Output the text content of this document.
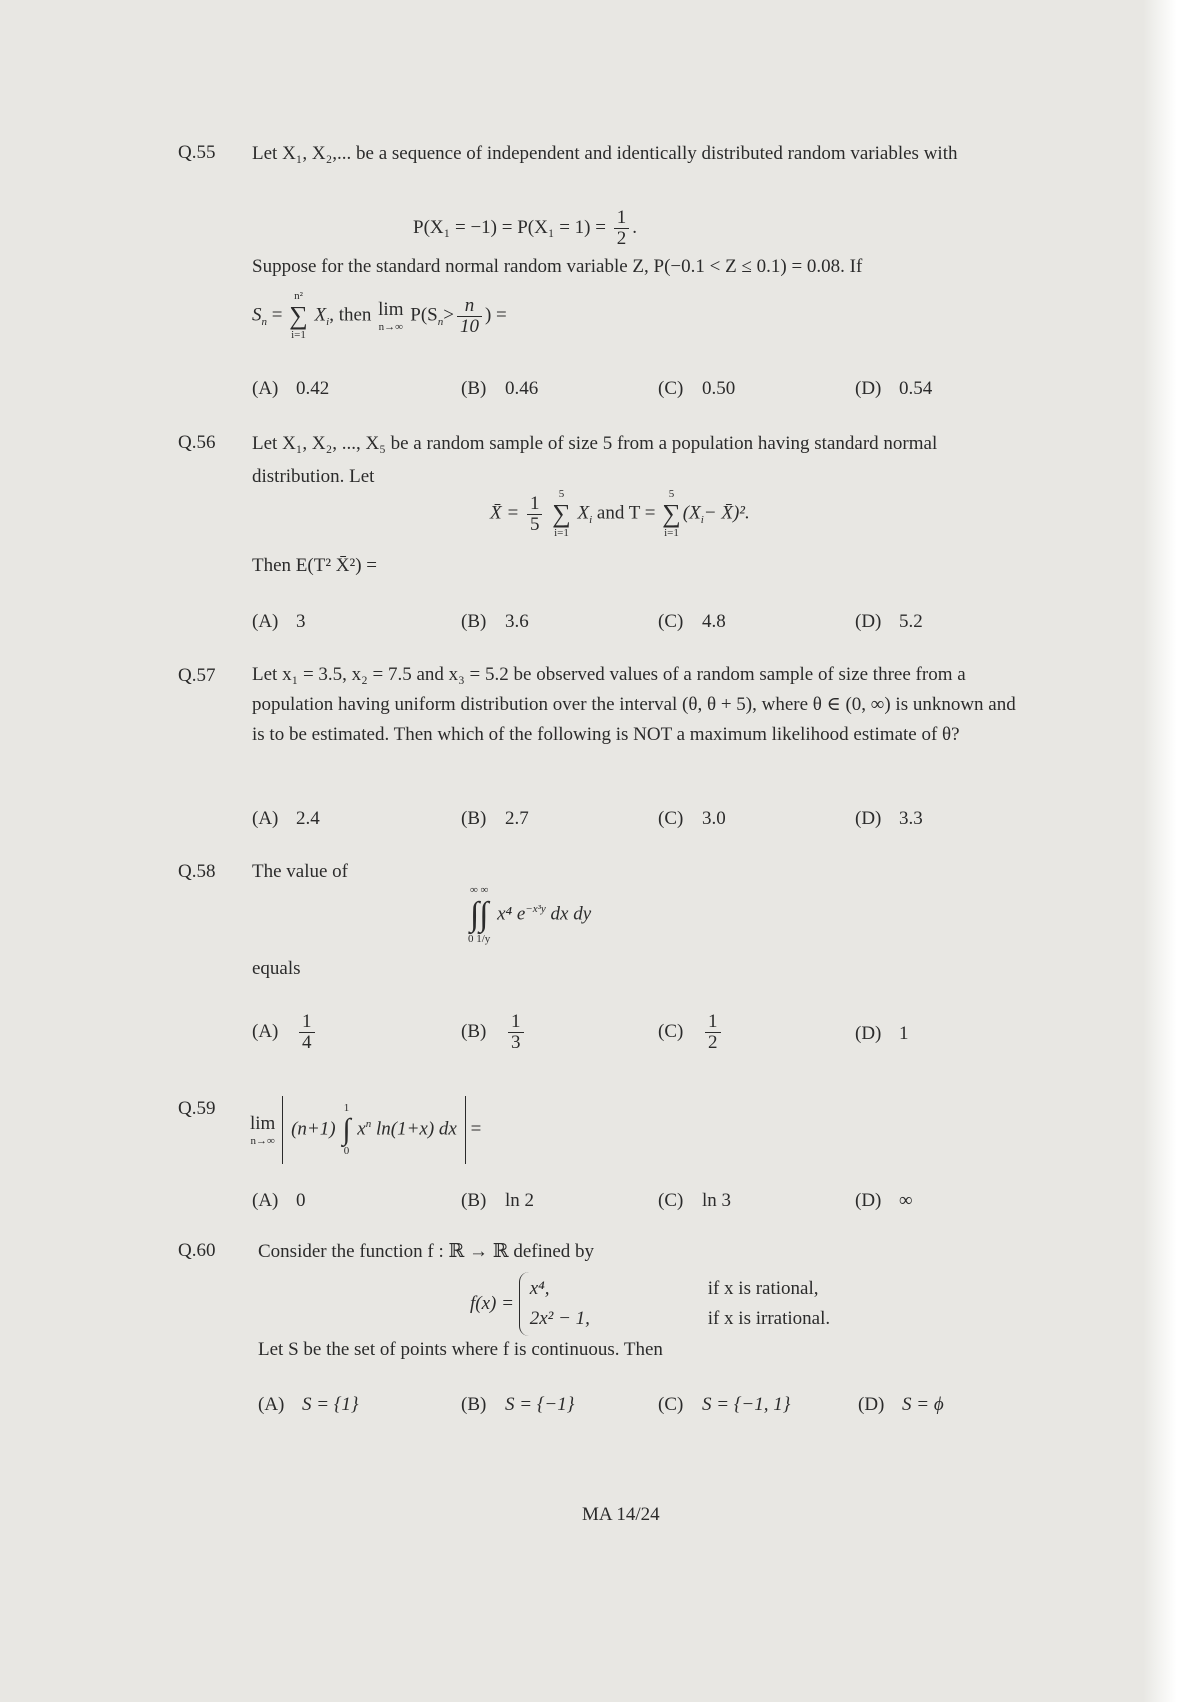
Q.55 Let X₁, X₂,... be a sequence of independent and identically distributed random variables with
$P(X_1 = -1) = P(X_1 = 1) = \frac{1}{2}$ .
Suppose for the standard normal random variable Z, P(−0.1 < Z ≤ 0.1) = 0.08. If
$S_n$ =
n²
∑
i=1
$X_i$, then lim
n→∞
$P(S_n> \frac{n}{10}$ ) =
(A) 0.42	(B) 0.46	(C) 0.50	(D) 0.54
Q.56 Let X₁, X₂, ..., X₅ be a random sample of size 5 from a population having standard normal distribution. Let
X̄ = $\frac{1}{5}$
	5
∑
i=1
$X_i$ and T =
5
∑
i=1
($X_i-$ X̄)².
Then E(T² X̄²) =
(A) 3	(B) 3.6	(C) 4.8	(D) 5.2
Q.57 Let x₁ = 3.5, x₂ = 7.5 and x₃ = 5.2 be observed values of a random sample of size three from a population having uniform distribution over the interval (θ, θ + 5), where θ ∈ (0, ∞) is unknown and is to be estimated. Then which of the following is NOT a maximum likelihood estimate of θ?
(A) 2.4	(B) 2.7	(C) 3.0	(D) 3.3
Q.58 The value of
∞ ∞
∫∫
0 1/y
x⁴ $e^{-x^3y}$ dx dy
equals
$(A) \frac{1}{4}$	$(B) \frac{1}{3}$	$(C) \frac{1}{2}$	(D) 1
Q.59
lim
n→∞
(n+1)
1
∫
0
$x^n$ ln(1+x) dx =
(A) 0	(B) ln 2	(C) ln 3	(D) ∞
Q.60 Consider the function f : ℝ → ℝ defined by
f(x) =
x⁴,	if x is rational,
2x² − 1,	if x is irrational.
Let S be the set of points where f is continuous. Then
(A) S = {1}	(B) S = {−1}	(C) S = {−1, 1}	(D) S = ϕ
MA 14/24
